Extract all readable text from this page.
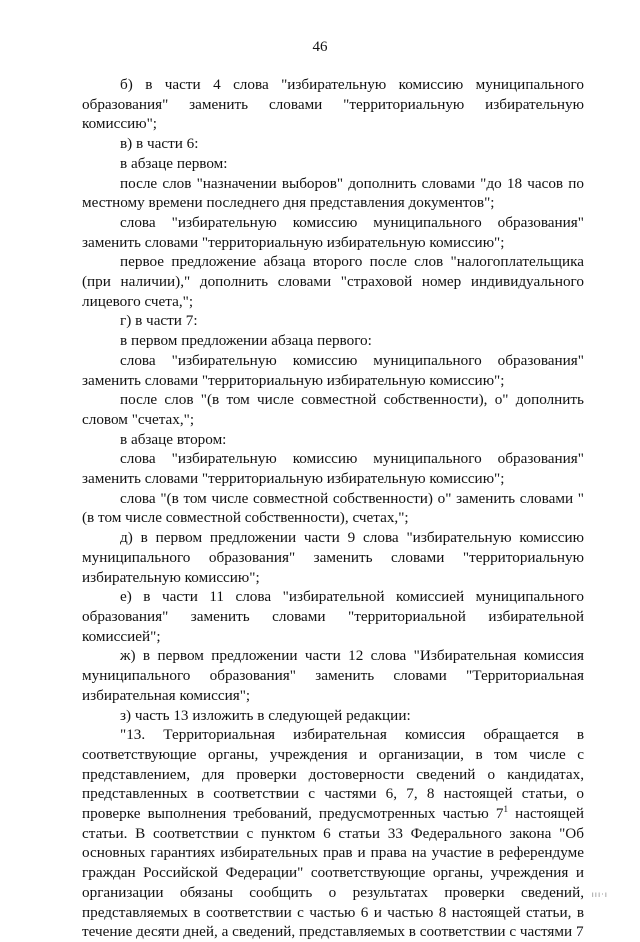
46

б) в части 4 слова "избирательную комиссию муниципального образования" заменить словами "территориальную избирательную комиссию";

в) в части 6:

в абзаце первом:

после слов "назначении выборов" дополнить словами "до 18 часов по местному времени последнего дня представления документов";

слова "избирательную комиссию муниципального образования" заменить словами "территориальную избирательную комиссию";

первое предложение абзаца второго после слов "налогоплательщика (при наличии)," дополнить словами "страховой номер индивидуального лицевого счета,";

г) в части 7:

в первом предложении абзаца первого:

слова "избирательную комиссию муниципального образования" заменить словами "территориальную избирательную комиссию";

после слов "(в том числе совместной собственности), о" дополнить словом "счетах,";

в абзаце втором:

слова "избирательную комиссию муниципального образования" заменить словами "территориальную избирательную комиссию";

слова "(в том числе совместной собственности) о" заменить словами "(в том числе совместной собственности), счетах,";

д) в первом предложении части 9 слова "избирательную комиссию муниципального образования" заменить словами "территориальную избирательную комиссию";

е) в части 11 слова "избирательной комиссией муниципального образования" заменить словами "территориальной избирательной комиссией";

ж) в первом предложении части 12 слова "Избирательная комиссия муниципального образования" заменить словами "Территориальная избирательная комиссия";

з) часть 13 изложить в следующей редакции:

"13. Территориальная избирательная комиссия обращается в соответствующие органы, учреждения и организации, в том числе с представлением, для проверки достоверности сведений о кандидатах, представленных в соответствии с частями 6, 7, 8 настоящей статьи, о проверке выполнения требований, предусмотренных частью $7^1$ настоящей статьи. В соответствии с пунктом 6 статьи 33 Федерального закона "Об основных гарантиях избирательных прав и права на участие в референдуме граждан Российской Федерации" соответствующие органы, учреждения и организации обязаны сообщить о результатах проверки сведений, представляемых в соответствии с частью 6 и частью 8 настоящей статьи, в течение десяти дней, а сведений, представляемых в соответствии с частями 7

ııı·ı
